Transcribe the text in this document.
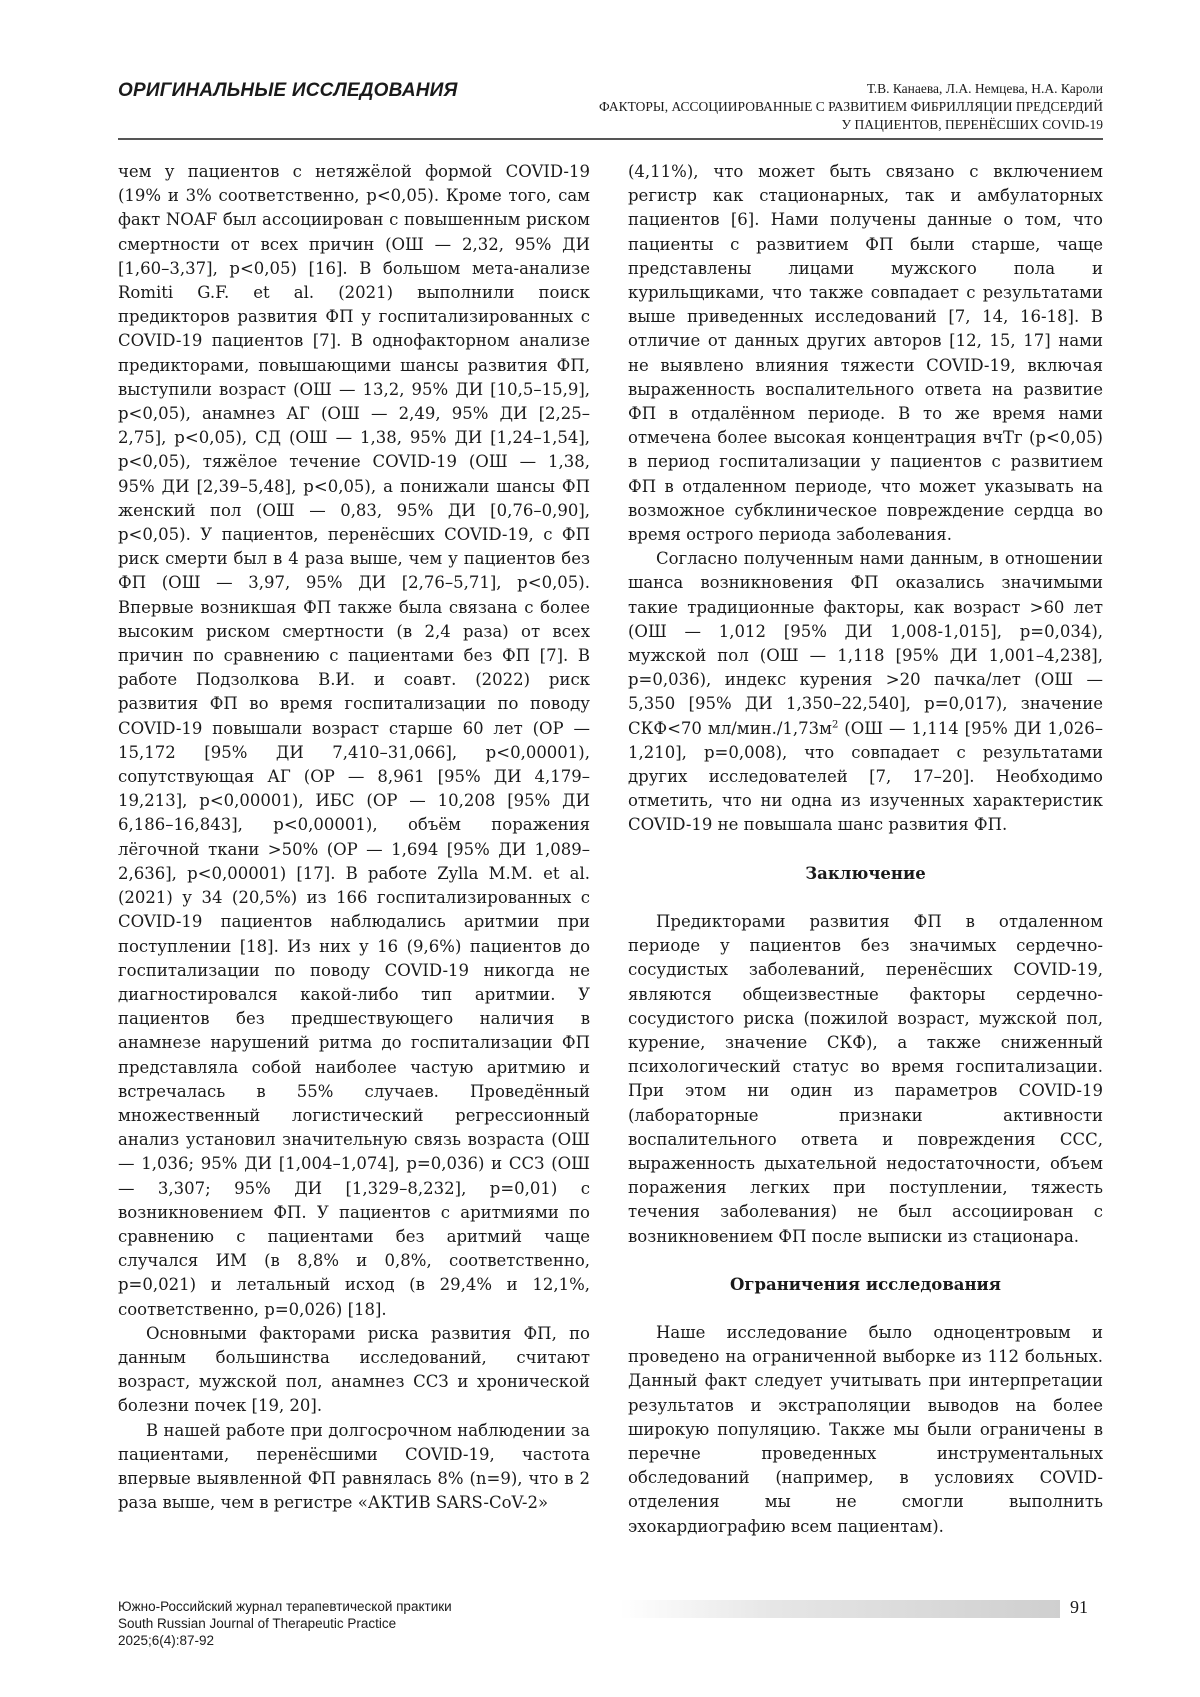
ОРИГИНАЛЬНЫЕ ИССЛЕДОВАНИЯ	Т.В. Канаева, Л.А. Немцева, Н.А. Кароли
ФАКТОРЫ, АССОЦИИРОВАННЫЕ С РАЗВИТИЕМ ФИБРИЛЛЯЦИИ ПРЕДСЕРДИЙ
У ПАЦИЕНТОВ, ПЕРЕНЁСШИХ COVID-19

чем у пациентов с нетяжёлой формой COVID-19 (19% и 3% соответственно, р<0,05). Кроме того, сам факт NOAF был ассоциирован с повышенным риском смертности от всех причин (ОШ — 2,32, 95% ДИ [1,60–3,37], р<0,05) [16]. В большом мета-анализе Romiti G.F. et al. (2021) выполнили поиск предикторов развития ФП у госпитализированных с COVID-19 пациентов [7]. В однофакторном анализе предикторами, повышающими шансы развития ФП, выступили возраст (ОШ — 13,2, 95% ДИ [10,5–15,9], р<0,05), анамнез АГ (ОШ — 2,49, 95% ДИ [2,25–2,75], р<0,05), СД (ОШ — 1,38, 95% ДИ [1,24–1,54], р<0,05), тяжёлое течение COVID-19 (ОШ — 1,38, 95% ДИ [2,39–5,48], р<0,05), а понижали шансы ФП женский пол (ОШ — 0,83, 95% ДИ [0,76–0,90], р<0,05). У пациентов, перенёсших COVID-19, с ФП риск смерти был в 4 раза выше, чем у пациентов без ФП (ОШ — 3,97, 95% ДИ [2,76–5,71], р<0,05). Впервые возникшая ФП также была связана с более высоким риском смертности (в 2,4 раза) от всех причин по сравнению с пациентами без ФП [7]. В работе Подзолкова В.И. и соавт. (2022) риск развития ФП во время госпитализации по поводу COVID-19 повышали возраст старше 60 лет (ОР — 15,172 [95% ДИ 7,410–31,066], р<0,00001), сопутствующая АГ (ОР — 8,961 [95% ДИ 4,179–19,213], р<0,00001), ИБС (ОР — 10,208 [95% ДИ 6,186–16,843], р<0,00001), объём поражения лёгочной ткани >50% (ОР — 1,694 [95% ДИ 1,089–2,636], р<0,00001) [17]. В работе Zylla M.M. et al. (2021) у 34 (20,5%) из 166 госпитализированных с COVID-19 пациентов наблюдались аритмии при поступлении [18]. Из них у 16 (9,6%) пациентов до госпитализации по поводу COVID-19 никогда не диагностировался какой-либо тип аритмии. У пациентов без предшествующего наличия в анамнезе нарушений ритма до госпитализации ФП представляла собой наиболее частую аритмию и встречалась в 55% случаев. Проведённый множественный логистический регрессионный анализ установил значительную связь возраста (ОШ — 1,036; 95% ДИ [1,004–1,074], р=0,036) и ССЗ (ОШ — 3,307; 95% ДИ [1,329–8,232], р=0,01) с возникновением ФП. У пациентов с аритмиями по сравнению с пациентами без аритмий чаще случался ИМ (в 8,8% и 0,8%, соответственно, р=0,021) и летальный исход (в 29,4% и 12,1%, соответственно, р=0,026) [18].

Основными факторами риска развития ФП, по данным большинства исследований, считают возраст, мужской пол, анамнез ССЗ и хронической болезни почек [19, 20].

В нашей работе при долгосрочном наблюдении за пациентами, перенёсшими COVID-19, частота впервые выявленной ФП равнялась 8% (n=9), что в 2 раза выше, чем в регистре «АКТИВ SARS-CoV-2»

(4,11%), что может быть связано с включением регистр как стационарных, так и амбулаторных пациентов [6]. Нами получены данные о том, что пациенты с развитием ФП были старше, чаще представлены лицами мужского пола и курильщиками, что также совпадает с результатами выше приведенных исследований [7, 14, 16-18]. В отличие от данных других авторов [12, 15, 17] нами не выявлено влияния тяжести COVID-19, включая выраженность воспалительного ответа на развитие ФП в отдалённом периоде. В то же время нами отмечена более высокая концентрация вчТг (р<0,05) в период госпитализации у пациентов с развитием ФП в отдаленном периоде, что может указывать на возможное субклиническое повреждение сердца во время острого периода заболевания.

Согласно полученным нами данным, в отношении шанса возникновения ФП оказались значимыми такие традиционные факторы, как возраст >60 лет (ОШ — 1,012 [95% ДИ 1,008-1,015], р=0,034), мужской пол (ОШ — 1,118 [95% ДИ 1,001–4,238], р=0,036), индекс курения >20 пачка/лет (ОШ — 5,350 [95% ДИ 1,350–22,540], р=0,017), значение СКФ<70 $мл/мин./1,73м^2$ (ОШ — 1,114 [95% ДИ 1,026–1,210], р=0,008), что совпадает с результатами других исследователей [7, 17–20]. Необходимо отметить, что ни одна из изученных характеристик COVID-19 не повышала шанс развития ФП.

Заключение

Предикторами развития ФП в отдаленном периоде у пациентов без значимых сердечно-сосудистых заболеваний, перенёсших COVID-19, являются общеизвестные факторы сердечно-сосудистого риска (пожилой возраст, мужской пол, курение, значение СКФ), а также сниженный психологический статус во время госпитализации. При этом ни один из параметров COVID-19 (лабораторные признаки активности воспалительного ответа и повреждения ССС, выраженность дыхательной недостаточности, объем поражения легких при поступлении, тяжесть течения заболевания) не был ассоциирован с возникновением ФП после выписки из стационара.

Ограничения исследования

Наше исследование было одноцентровым и проведено на ограниченной выборке из 112 больных. Данный факт следует учитывать при интерпретации результатов и экстраполяции выводов на более широкую популяцию. Также мы были ограничены в перечне проведенных инструментальных обследований (например, в условиях COVID-отделения мы не смогли выполнить эхокардиографию всем пациентам).

Южно-Российский журнал терапевтической практики
South Russian Journal of Therapeutic Practice
2025;6(4):87-92
91
